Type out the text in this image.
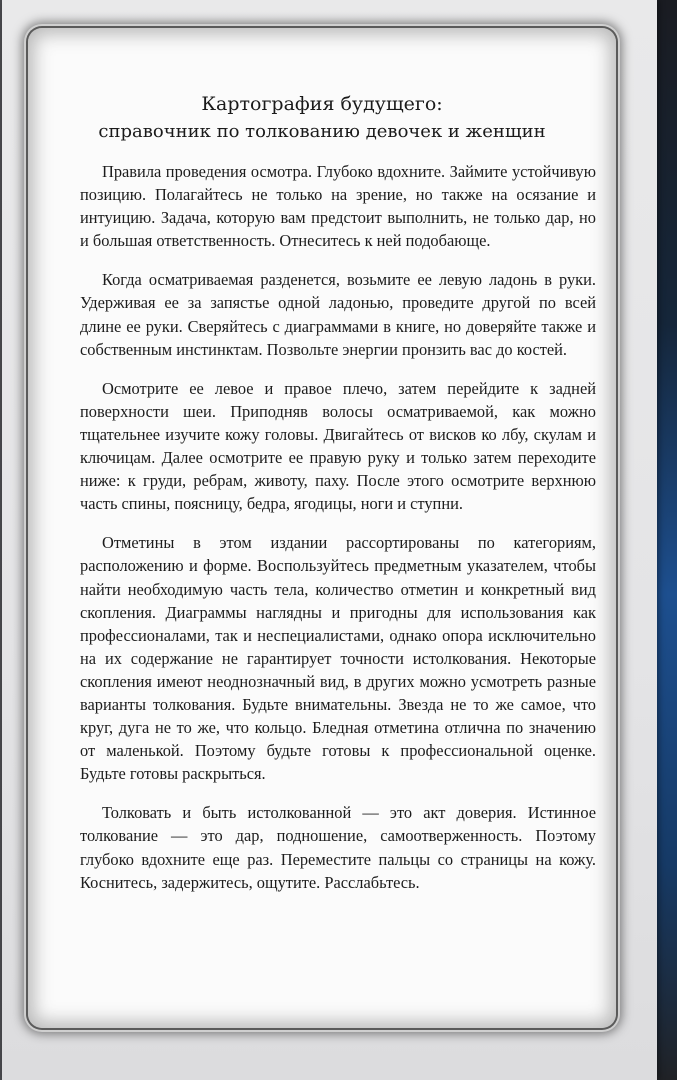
Картография будущего:
справочник по толкованию девочек и женщин

Правила проведения осмотра. Глубоко вдохните. Займите устойчивую позицию. Полагайтесь не только на зрение, но также на осязание и интуицию. Задача, которую вам предстоит выполнить, не только дар, но и большая ответственность. Отнеситесь к ней подобающе.

Когда осматриваемая разденется, возьмите ее левую ладонь в руки. Удерживая ее за запястье одной ладонью, проведите другой по всей длине ее руки. Сверяйтесь с диаграммами в книге, но доверяйте также и собственным инстинктам. Позвольте энергии пронзить вас до костей.

Осмотрите ее левое и правое плечо, затем перейдите к задней поверхности шеи. Приподняв волосы осматриваемой, как можно тщательнее изучите кожу головы. Двигайтесь от висков ко лбу, скулам и ключицам. Далее осмотрите ее правую руку и только затем переходите ниже: к груди, ребрам, животу, паху. После этого осмотрите верхнюю часть спины, поясницу, бедра, ягодицы, ноги и ступни.

Отметины в этом издании рассортированы по категориям, расположению и форме. Воспользуйтесь предметным указателем, чтобы найти необходимую часть тела, количество отметин и конкретный вид скопления. Диаграммы наглядны и пригодны для использования как профессионалами, так и неспециалистами, однако опора исключительно на их содержание не гарантирует точности истолкования. Некоторые скопления имеют неоднозначный вид, в других можно усмотреть разные варианты толкования. Будьте внимательны. Звезда не то же самое, что круг, дуга не то же, что кольцо. Бледная отметина отлична по значению от маленькой. Поэтому будьте готовы к профессиональной оценке. Будьте готовы раскрыться.

Толковать и быть истолкованной — это акт доверия. Истинное толкование — это дар, подношение, самоотверженность. Поэтому глубоко вдохните еще раз. Переместите пальцы со страницы на кожу. Коснитесь, задержитесь, ощутите. Расслабьтесь.
